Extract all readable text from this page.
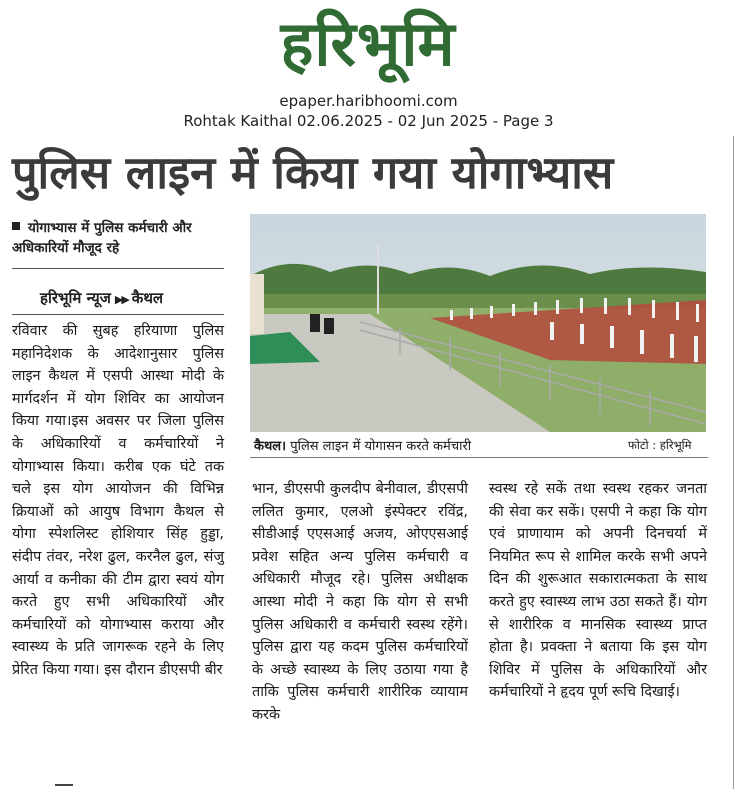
हरिभूमि
epaper.haribhoomi.com
Rohtak Kaithal 02.06.2025 - 02 Jun 2025 - Page 3
पुलिस लाइन में किया गया योगाभ्यास
योगाभ्यास में पुलिस कर्मचारी और अधिकारियों मौजूद रहे
हरिभूमि न्यूज ▶▶ कैथल

रविवार की सुबह हरियाणा पुलिस महानिदेशक के आदेशानुसार पुलिस लाइन कैथल में एसपी आस्था मोदी के मार्गदर्शन में योग शिविर का आयोजन किया गया।इस अवसर पर जिला पुलिस के अधिकारियों व कर्मचारियों ने योगाभ्यास किया। करीब एक घंटे तक चले इस योग आयोजन की विभिन्न क्रियाओं को आयुष विभाग कैथल से योगा स्पेशलिस्ट होशियार सिंह हुड्डा, संदीप तंवर, नरेश ढुल, करनैल ढुल, संजु आर्या व कनीका की टीम द्वारा स्वयं योग करते हुए सभी अधिकारियों और कर्मचारियों को योगाभ्यास कराया और स्वास्थ्य के प्रति जागरूक रहने के लिए प्रेरित किया गया। इस दौरान डीएसपी बीर

कैथल। पुलिस लाइन में योगासन करते कर्मचारी	फोटो : हरिभूमि

भान, डीएसपी कुलदीप बेनीवाल, डीएसपी ललित कुमार, एलओ इंस्पेक्टर रविंद्र, सीडीआई एएसआई अजय, ओएएसआई प्रवेश सहित अन्य पुलिस कर्मचारी व अधिकारी मौजूद रहे। पुलिस अधीक्षक आस्था मोदी ने कहा कि योग से सभी पुलिस अधिकारी व कर्मचारी स्वस्थ रहेंगे। पुलिस द्वारा यह कदम पुलिस कर्मचारियों के अच्छे स्वास्थ्य के लिए उठाया गया है ताकि पुलिस कर्मचारी शारीरिक व्यायाम करके

स्वस्थ रहे सकें तथा स्वस्थ रहकर जनता की सेवा कर सकें। एसपी ने कहा कि योग एवं प्राणायाम को अपनी दिनचर्या में नियमित रूप से शामिल करके सभी अपने दिन की शुरूआत सकारात्मकता के साथ करते हुए स्वास्थ्य लाभ उठा सकते हैं। योग से शारीरिक व मानसिक स्वास्थ्य प्राप्त होता है। प्रवक्ता ने बताया कि इस योग शिविर में पुलिस के अधिकारियों और कर्मचारियों ने हृदय पूर्ण रूचि दिखाई।
